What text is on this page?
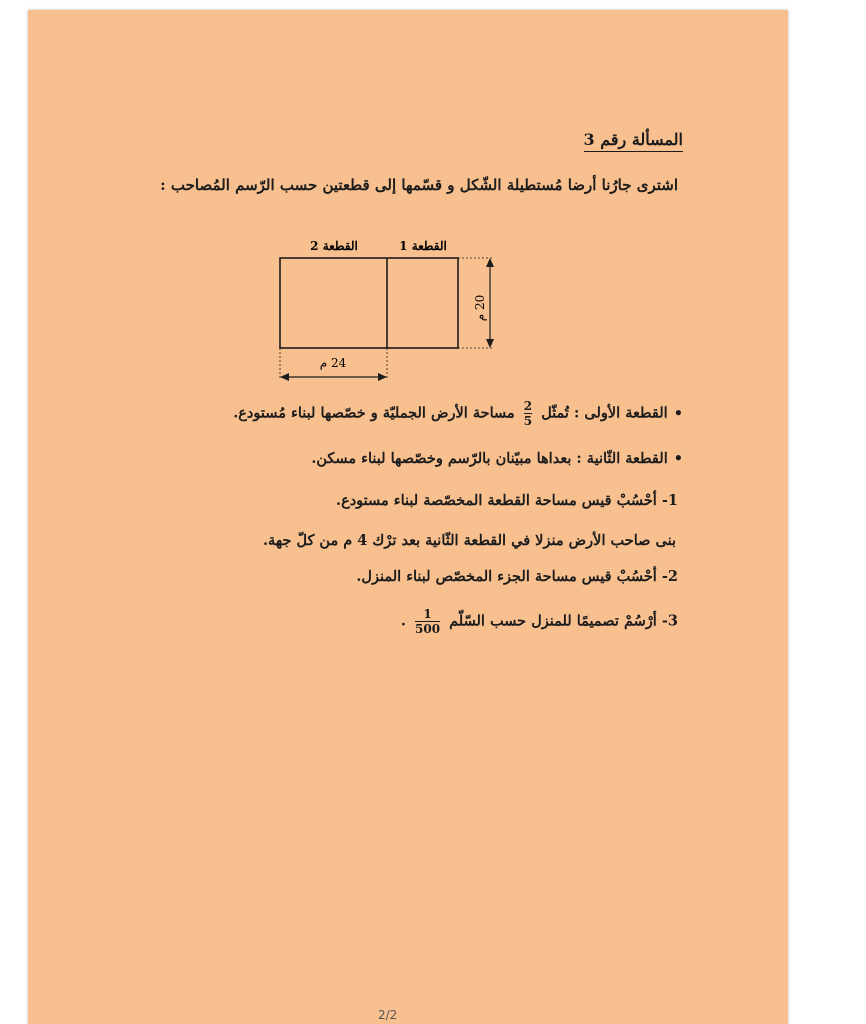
المسألة رقم 3
اشترى جارُنا أرضا مُستطيلة الشّكل و قسّمها إلى قطعتين حسب الرّسم المُصاحب :
القطعة 2	القطعة 1
20 م
24 م
•القطعة الأولى : تُمثّل
$\frac{2}{5}$
مساحة الأرض الجمليّة و خصّصها لبناء مُستودع.
•القطعة الثّانية : بعداها مبيّنان بالرّسم وخصّصها لبناء مسكن.
1- أحْسُبْ قيس مساحة القطعة المخصّصة لبناء مستودع.
بنى صاحب الأرض منزلا في القطعة الثّانية بعد ترْك 4 م من كلّ جهة.
2- أحْسُبْ قيس مساحة الجزء المخصّص لبناء المنزل.
3- أرْسُمْ تصميمًا للمنزل حسب السّلّم
$\frac{1}{500}$
.
2/2
